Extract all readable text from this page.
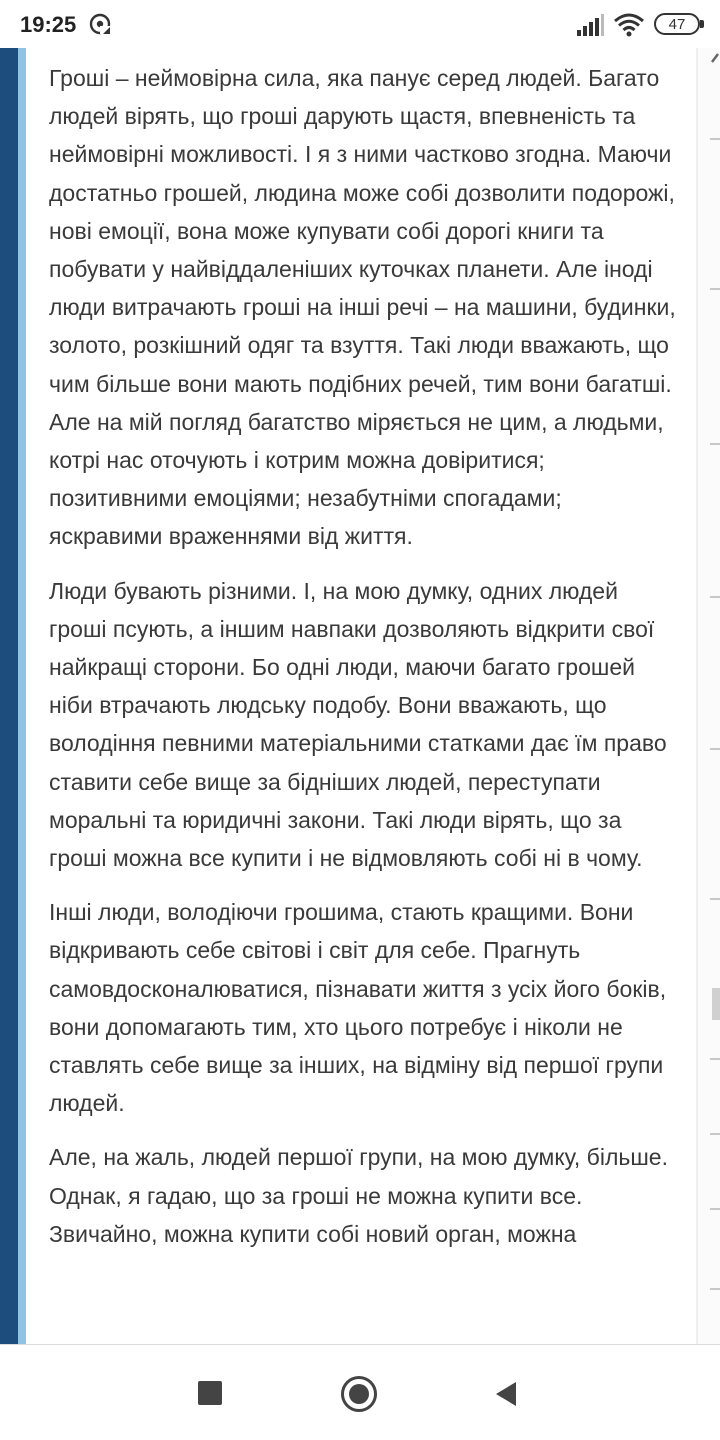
19:25	47

Гроші – неймовірна сила, яка панує серед людей. Багато людей вірять, що гроші дарують щастя, впевненість та неймовірні можливості. І я з ними частково згодна. Маючи достатньо грошей, людина може собі дозволити подорожі, нові емоції, вона може купувати собі дорогі книги та побувати у найвіддаленіших куточках планети. Але іноді люди витрачають гроші на інші речі – на машини, будинки, золото, розкішний одяг та взуття. Такі люди вважають, що чим більше вони мають подібних речей, тим вони багатші. Але на мій погляд багатство міряється не цим, а людьми, котрі нас оточують і котрим можна довіритися; позитивними емоціями; незабутніми спогадами; яскравими враженнями від життя.

Люди бувають різними. І, на мою думку, одних людей гроші псують, а іншим навпаки дозволяють відкрити свої найкращі сторони. Бо одні люди, маючи багато грошей ніби втрачають людську подобу. Вони вважають, що володіння певними матеріальними статками дає їм право ставити себе вище за бідніших людей, переступати моральні та юридичні закони. Такі люди вірять, що за гроші можна все купити і не відмовляють собі ні в чому.

Інші люди, володіючи грошима, стають кращими. Вони відкривають себе світові і світ для себе. Прагнуть самовдосконалюватися, пізнавати життя з усіх його боків, вони допомагають тим, хто цього потребує і ніколи не ставлять себе вище за інших, на відміну від першої групи людей.

Але, на жаль, людей першої групи, на мою думку, більше. Однак, я гадаю, що за гроші не можна купити все. Звичайно, можна купити собі новий орган, можна
